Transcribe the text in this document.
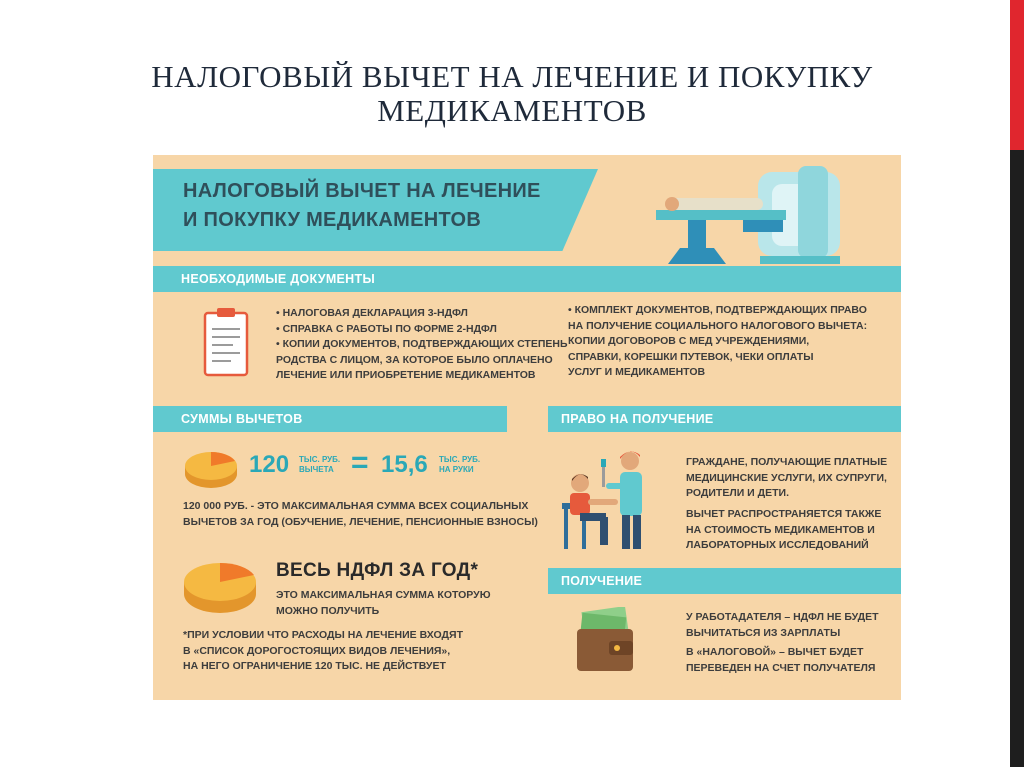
НАЛОГОВЫЙ ВЫЧЕТ НА ЛЕЧЕНИЕ И ПОКУПКУ
МЕДИКАМЕНТОВ
НАЛОГОВЫЙ ВЫЧЕТ НА ЛЕЧЕНИЕ
И ПОКУПКУ МЕДИКАМЕНТОВ
НЕОБХОДИМЫЕ ДОКУМЕНТЫ
• НАЛОГОВАЯ ДЕКЛАРАЦИЯ 3-НДФЛ
• СПРАВКА С РАБОТЫ ПО ФОРМЕ 2-НДФЛ
• КОПИИ ДОКУМЕНТОВ, ПОДТВЕРЖДАЮЩИХ СТЕПЕНЬ
РОДСТВА С ЛИЦОМ, ЗА КОТОРОЕ БЫЛО ОПЛАЧЕНО
ЛЕЧЕНИЕ ИЛИ ПРИОБРЕТЕНИЕ МЕДИКАМЕНТОВ
• КОМПЛЕКТ ДОКУМЕНТОВ, ПОДТВЕРЖДАЮЩИХ ПРАВО
НА ПОЛУЧЕНИЕ СОЦИАЛЬНОГО НАЛОГОВОГО ВЫЧЕТА:
КОПИИ ДОГОВОРОВ С МЕД УЧРЕЖДЕНИЯМИ,
СПРАВКИ, КОРЕШКИ ПУТЕВОК, ЧЕКИ ОПЛАТЫ
УСЛУГ И МЕДИКАМЕНТОВ
СУММЫ ВЫЧЕТОВ
120 ТЫС. РУБ.
ВЫЧЕТА = 15,6 ТЫС. РУБ.
НА РУКИ
120 000 РУБ. - ЭТО МАКСИМАЛЬНАЯ СУММА ВСЕХ СОЦИАЛЬНЫХ
ВЫЧЕТОВ ЗА ГОД (ОБУЧЕНИЕ, ЛЕЧЕНИЕ, ПЕНСИОННЫЕ ВЗНОСЫ)
ВЕСЬ НДФЛ ЗА ГОД*
ЭТО МАКСИМАЛЬНАЯ СУММА КОТОРУЮ
МОЖНО ПОЛУЧИТЬ
*ПРИ УСЛОВИИ ЧТО РАСХОДЫ НА ЛЕЧЕНИЕ ВХОДЯТ
В «СПИСОК ДОРОГОСТОЯЩИХ ВИДОВ ЛЕЧЕНИЯ»,
НА НЕГО ОГРАНИЧЕНИЕ 120 ТЫС. НЕ ДЕЙСТВУЕТ
ПРАВО НА ПОЛУЧЕНИЕ
ГРАЖДАНЕ, ПОЛУЧАЮЩИЕ ПЛАТНЫЕ
МЕДИЦИНСКИЕ УСЛУГИ, ИХ СУПРУГИ,
РОДИТЕЛИ И ДЕТИ.
ВЫЧЕТ РАСПРОСТРАНЯЕТСЯ ТАКЖЕ
НА СТОИМОСТЬ МЕДИКАМЕНТОВ И
ЛАБОРАТОРНЫХ ИССЛЕДОВАНИЙ
ПОЛУЧЕНИЕ
У РАБОТАДАТЕЛЯ – НДФЛ НЕ БУДЕТ
ВЫЧИТАТЬСЯ ИЗ ЗАРПЛАТЫ
В «НАЛОГОВОЙ» – ВЫЧЕТ БУДЕТ
ПЕРЕВЕДЕН НА СЧЕТ ПОЛУЧАТЕЛЯ
